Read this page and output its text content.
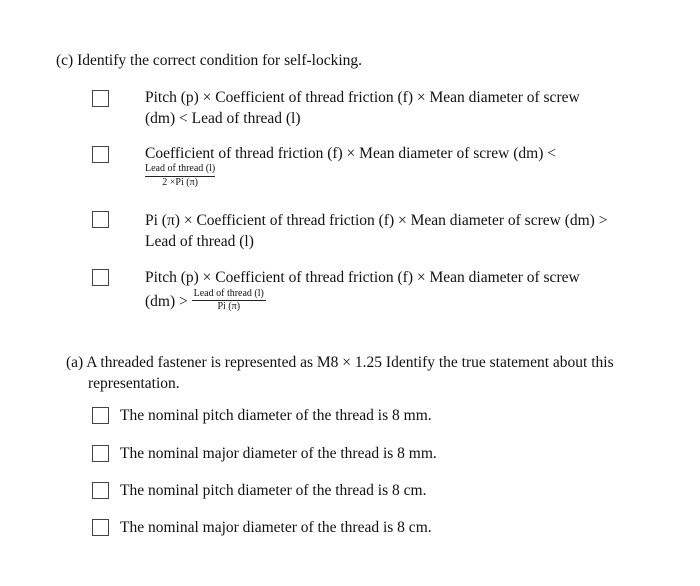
(c) Identify the correct condition for self-locking.
Pitch (p) × Coefficient of thread friction (f) × Mean diameter of screw
(dm) < Lead of thread (l)
Coefficient of thread friction (f) × Mean diameter of screw (dm) <
$\frac{\text{Lead of thread (l)}}{2 \times Pi (\pi)}$
Pi (π) × Coefficient of thread friction (f) × Mean diameter of screw (dm) >
Lead of thread (l)
Pitch (p) × Coefficient of thread friction (f) × Mean diameter of screw
$(dm) > \frac{\text{Lead of thread (l)}}{Pi (\pi)}$
(a) A threaded fastener is represented as M8 × 1.25 Identify the true statement about this
representation.
The nominal pitch diameter of the thread is 8 mm.
The nominal major diameter of the thread is 8 mm.
The nominal pitch diameter of the thread is 8 cm.
The nominal major diameter of the thread is 8 cm.
